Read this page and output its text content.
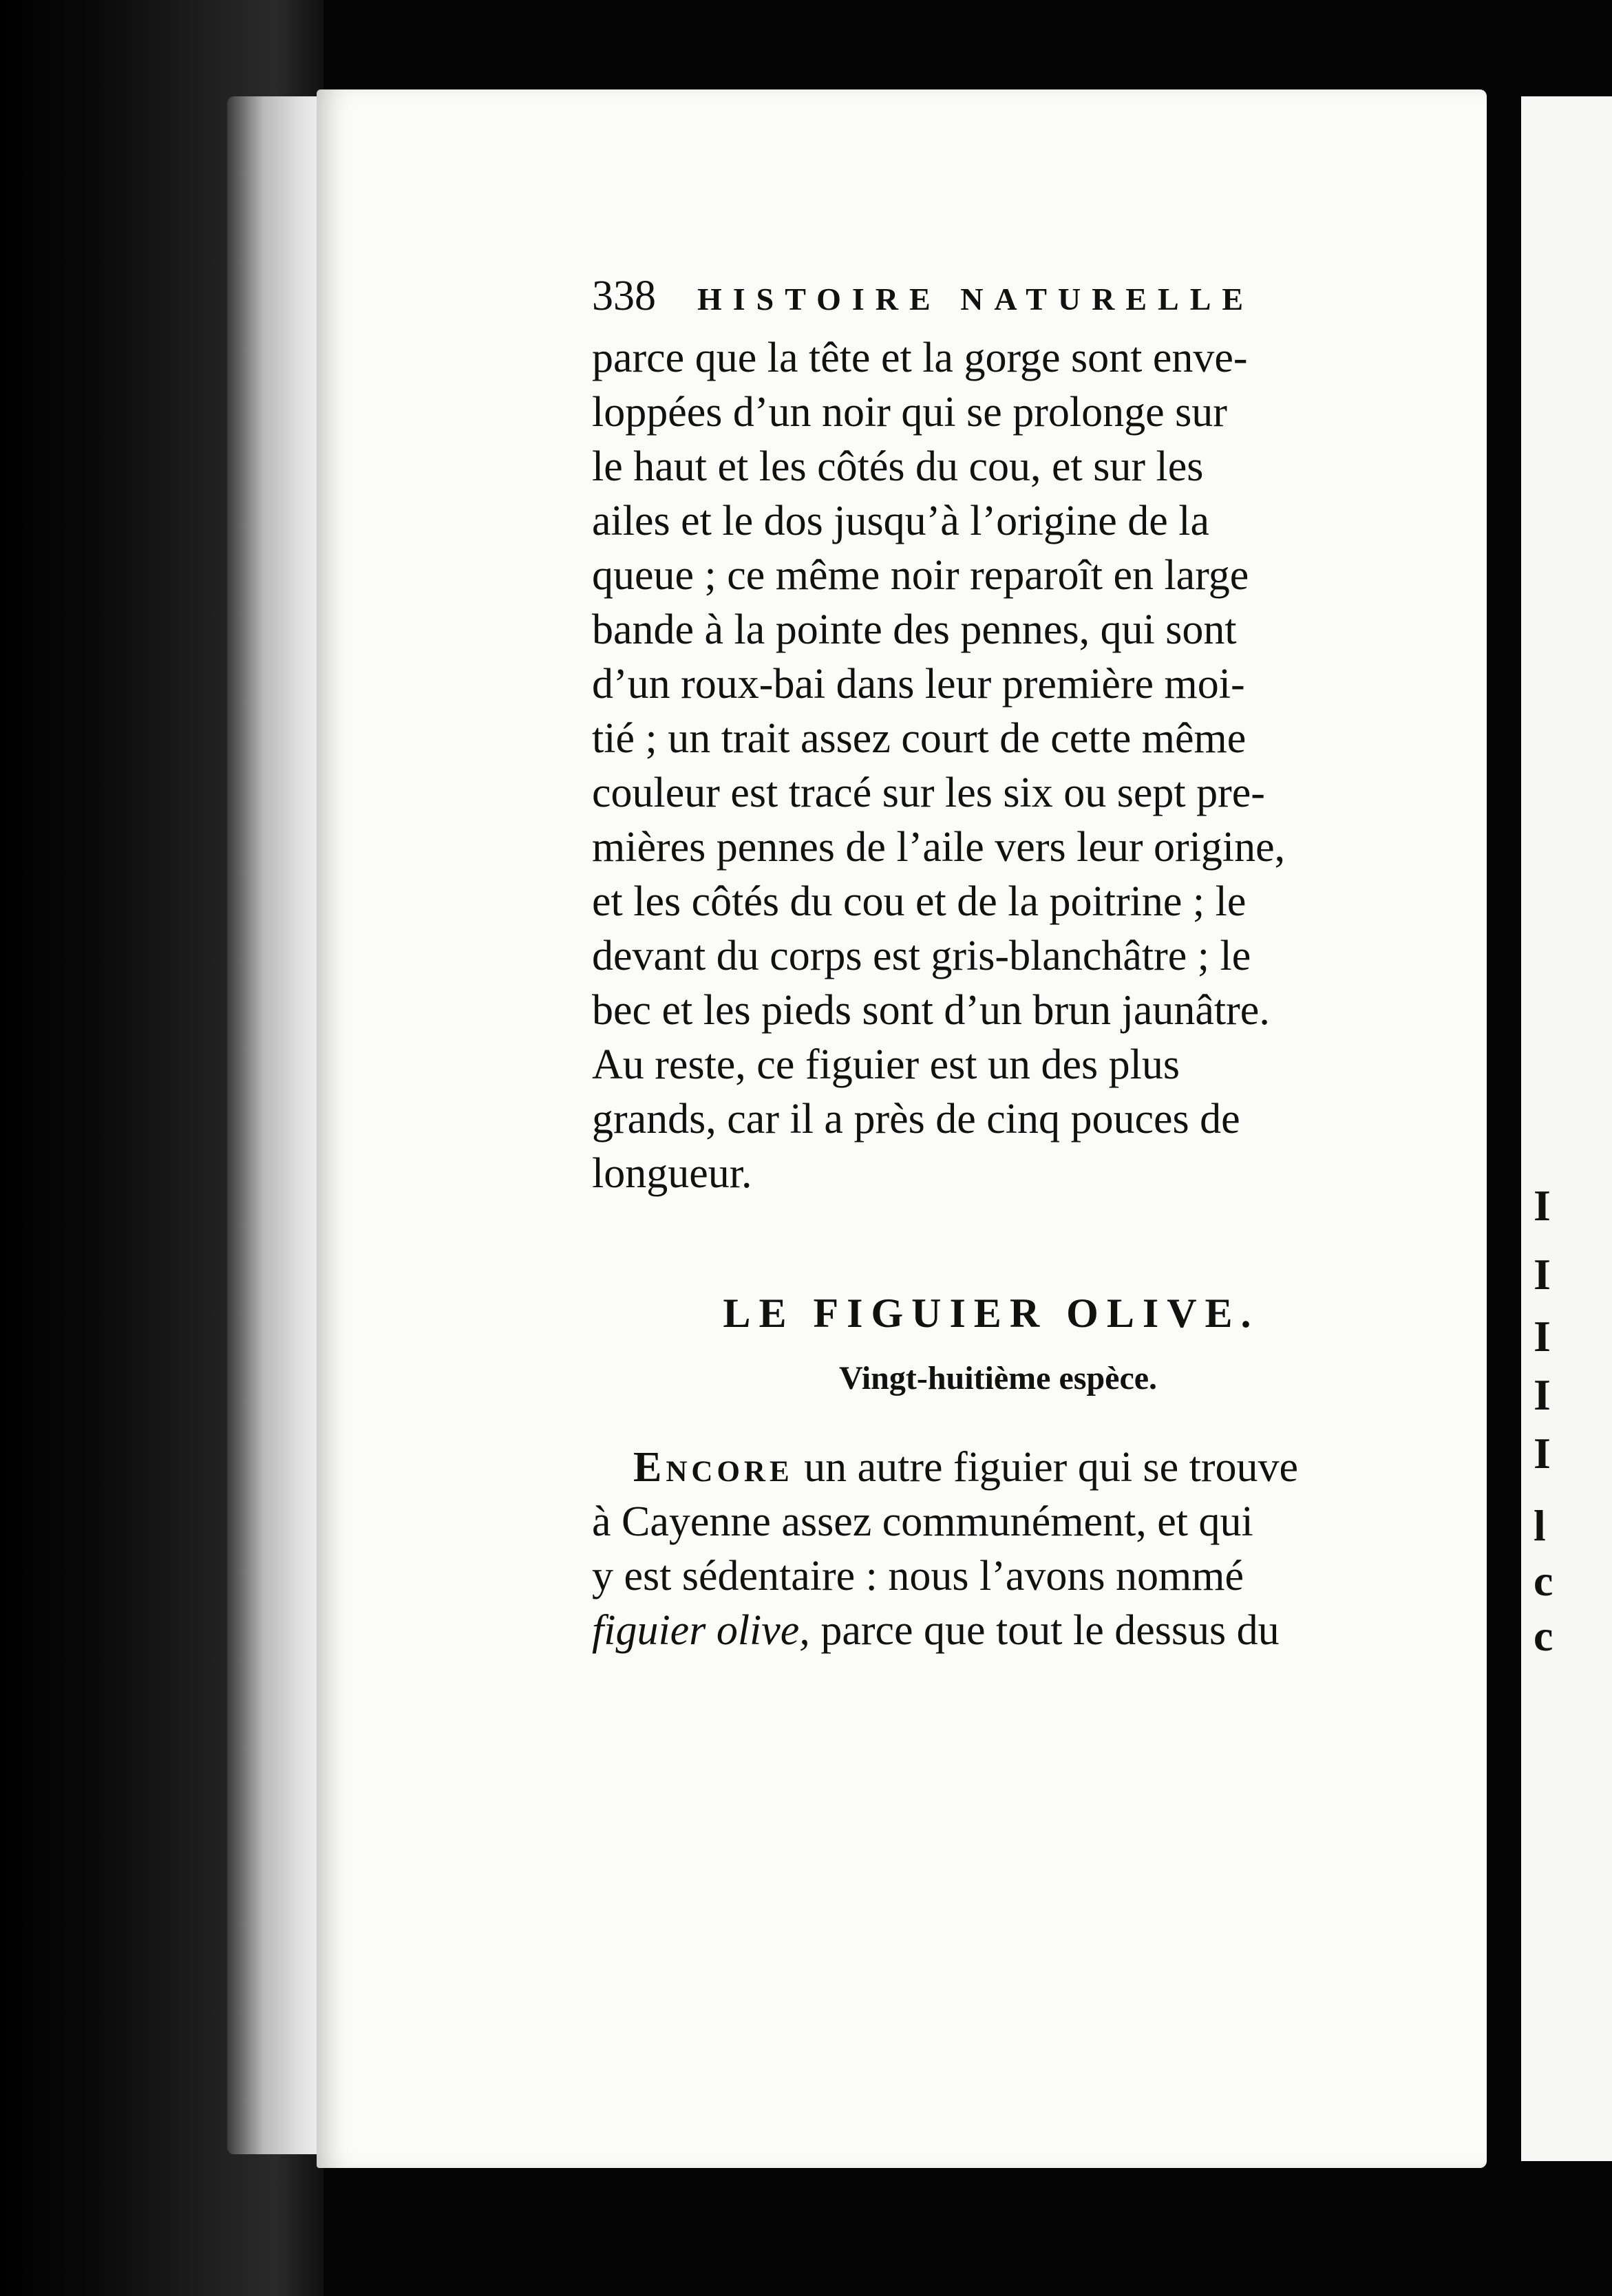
I
I
I
I
I
l
c
c
338 HISTOIRE NATURELLE
parce que la tête et la gorge sont enve-
loppées d’un noir qui se prolonge sur
le haut et les côtés du cou, et sur les
ailes et le dos jusqu’à l’origine de la
queue ; ce même noir reparoît en large
bande à la pointe des pennes, qui sont
d’un roux-bai dans leur première moi-
tié ; un trait assez court de cette même
couleur est tracé sur les six ou sept pre-
mières pennes de l’aile vers leur origine,
et les côtés du cou et de la poitrine ; le
devant du corps est gris-blanchâtre ; le
bec et les pieds sont d’un brun jaunâtre.
Au reste, ce figuier est un des plus
grands, car il a près de cinq pouces de
longueur.
LE FIGUIER OLIVE.
Vingt-huitième espèce.
Encore un autre figuier qui se trouve
à Cayenne assez communément, et qui
y est sédentaire : nous l’avons nommé
figuier olive, parce que tout le dessus du
